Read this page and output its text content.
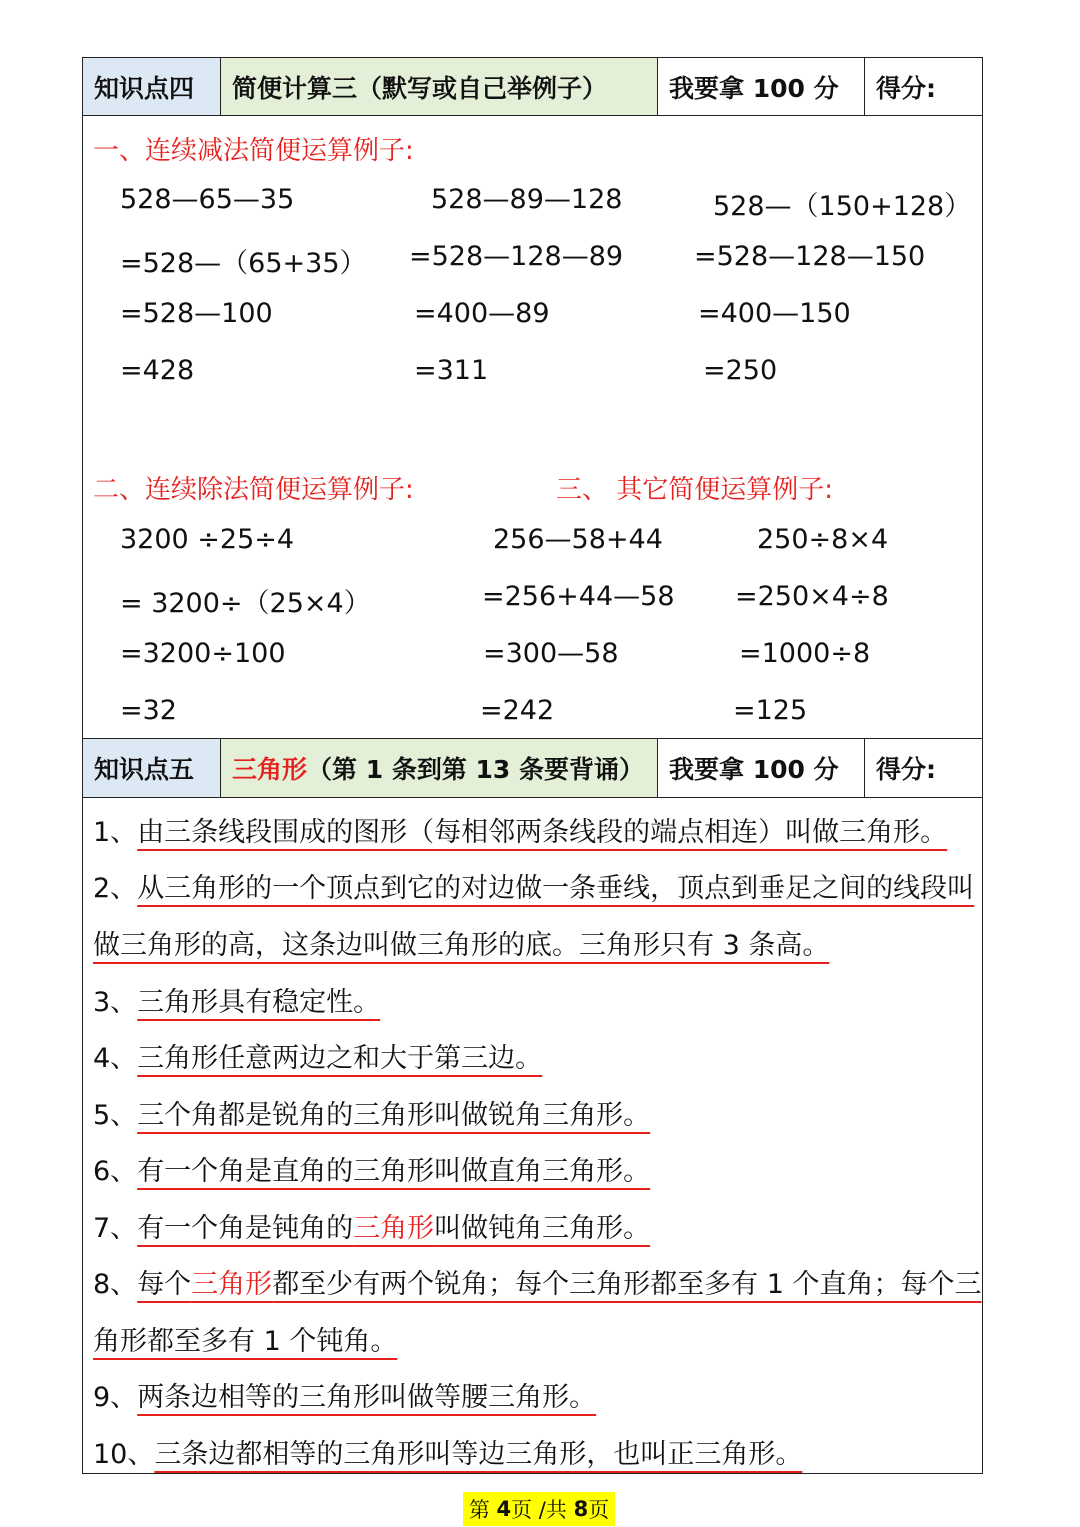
知识点四	简便计算三（默写或自己举例子）	我要拿 100 分	得分:
一、连续减法简便运算例子:
528—65—35
=528—（65+35）
=528—100
=428
528—89—128
=528—128—89
=400—89
=311
528—（150+128）
=528—128—150
=400—150
=250
二、连续除法简便运算例子:	三、 其它简便运算例子:
3200 ÷25÷4
= 3200÷（25×4）
=3200÷100
=32
256—58+44
=256+44—58
=300—58
=242
250÷8×4
=250×4÷8
=1000÷8
=125
知识点五	三角形 （第 1 条到第 13 条要背诵） 我要拿 100 分	得分:
1、由三条线段围成的图形（每相邻两条线段的端点相连）叫做三角形。
2、从三角形的一个顶点到它的对边做一条垂线，顶点到垂足之间的线段叫
做三角形的高，这条边叫做三角形的底。三角形只有 3 条高。
3、三角形具有稳定性。
4、三角形任意两边之和大于第三边。
5、三个角都是锐角的三角形叫做锐角三角形。
6、有一个角是直角的三角形叫做直角三角形。
7、有一个角是钝角的三角形叫做钝角三角形。
8、每个三角形都至少有两个锐角；每个三角形都至多有 1 个直角；每个三
角形都至多有 1 个钝角。
9、两条边相等的三角形叫做等腰三角形。
10、三条边都相等的三角形叫等边三角形，也叫正三角形。
第 4 页 /共 8 页
